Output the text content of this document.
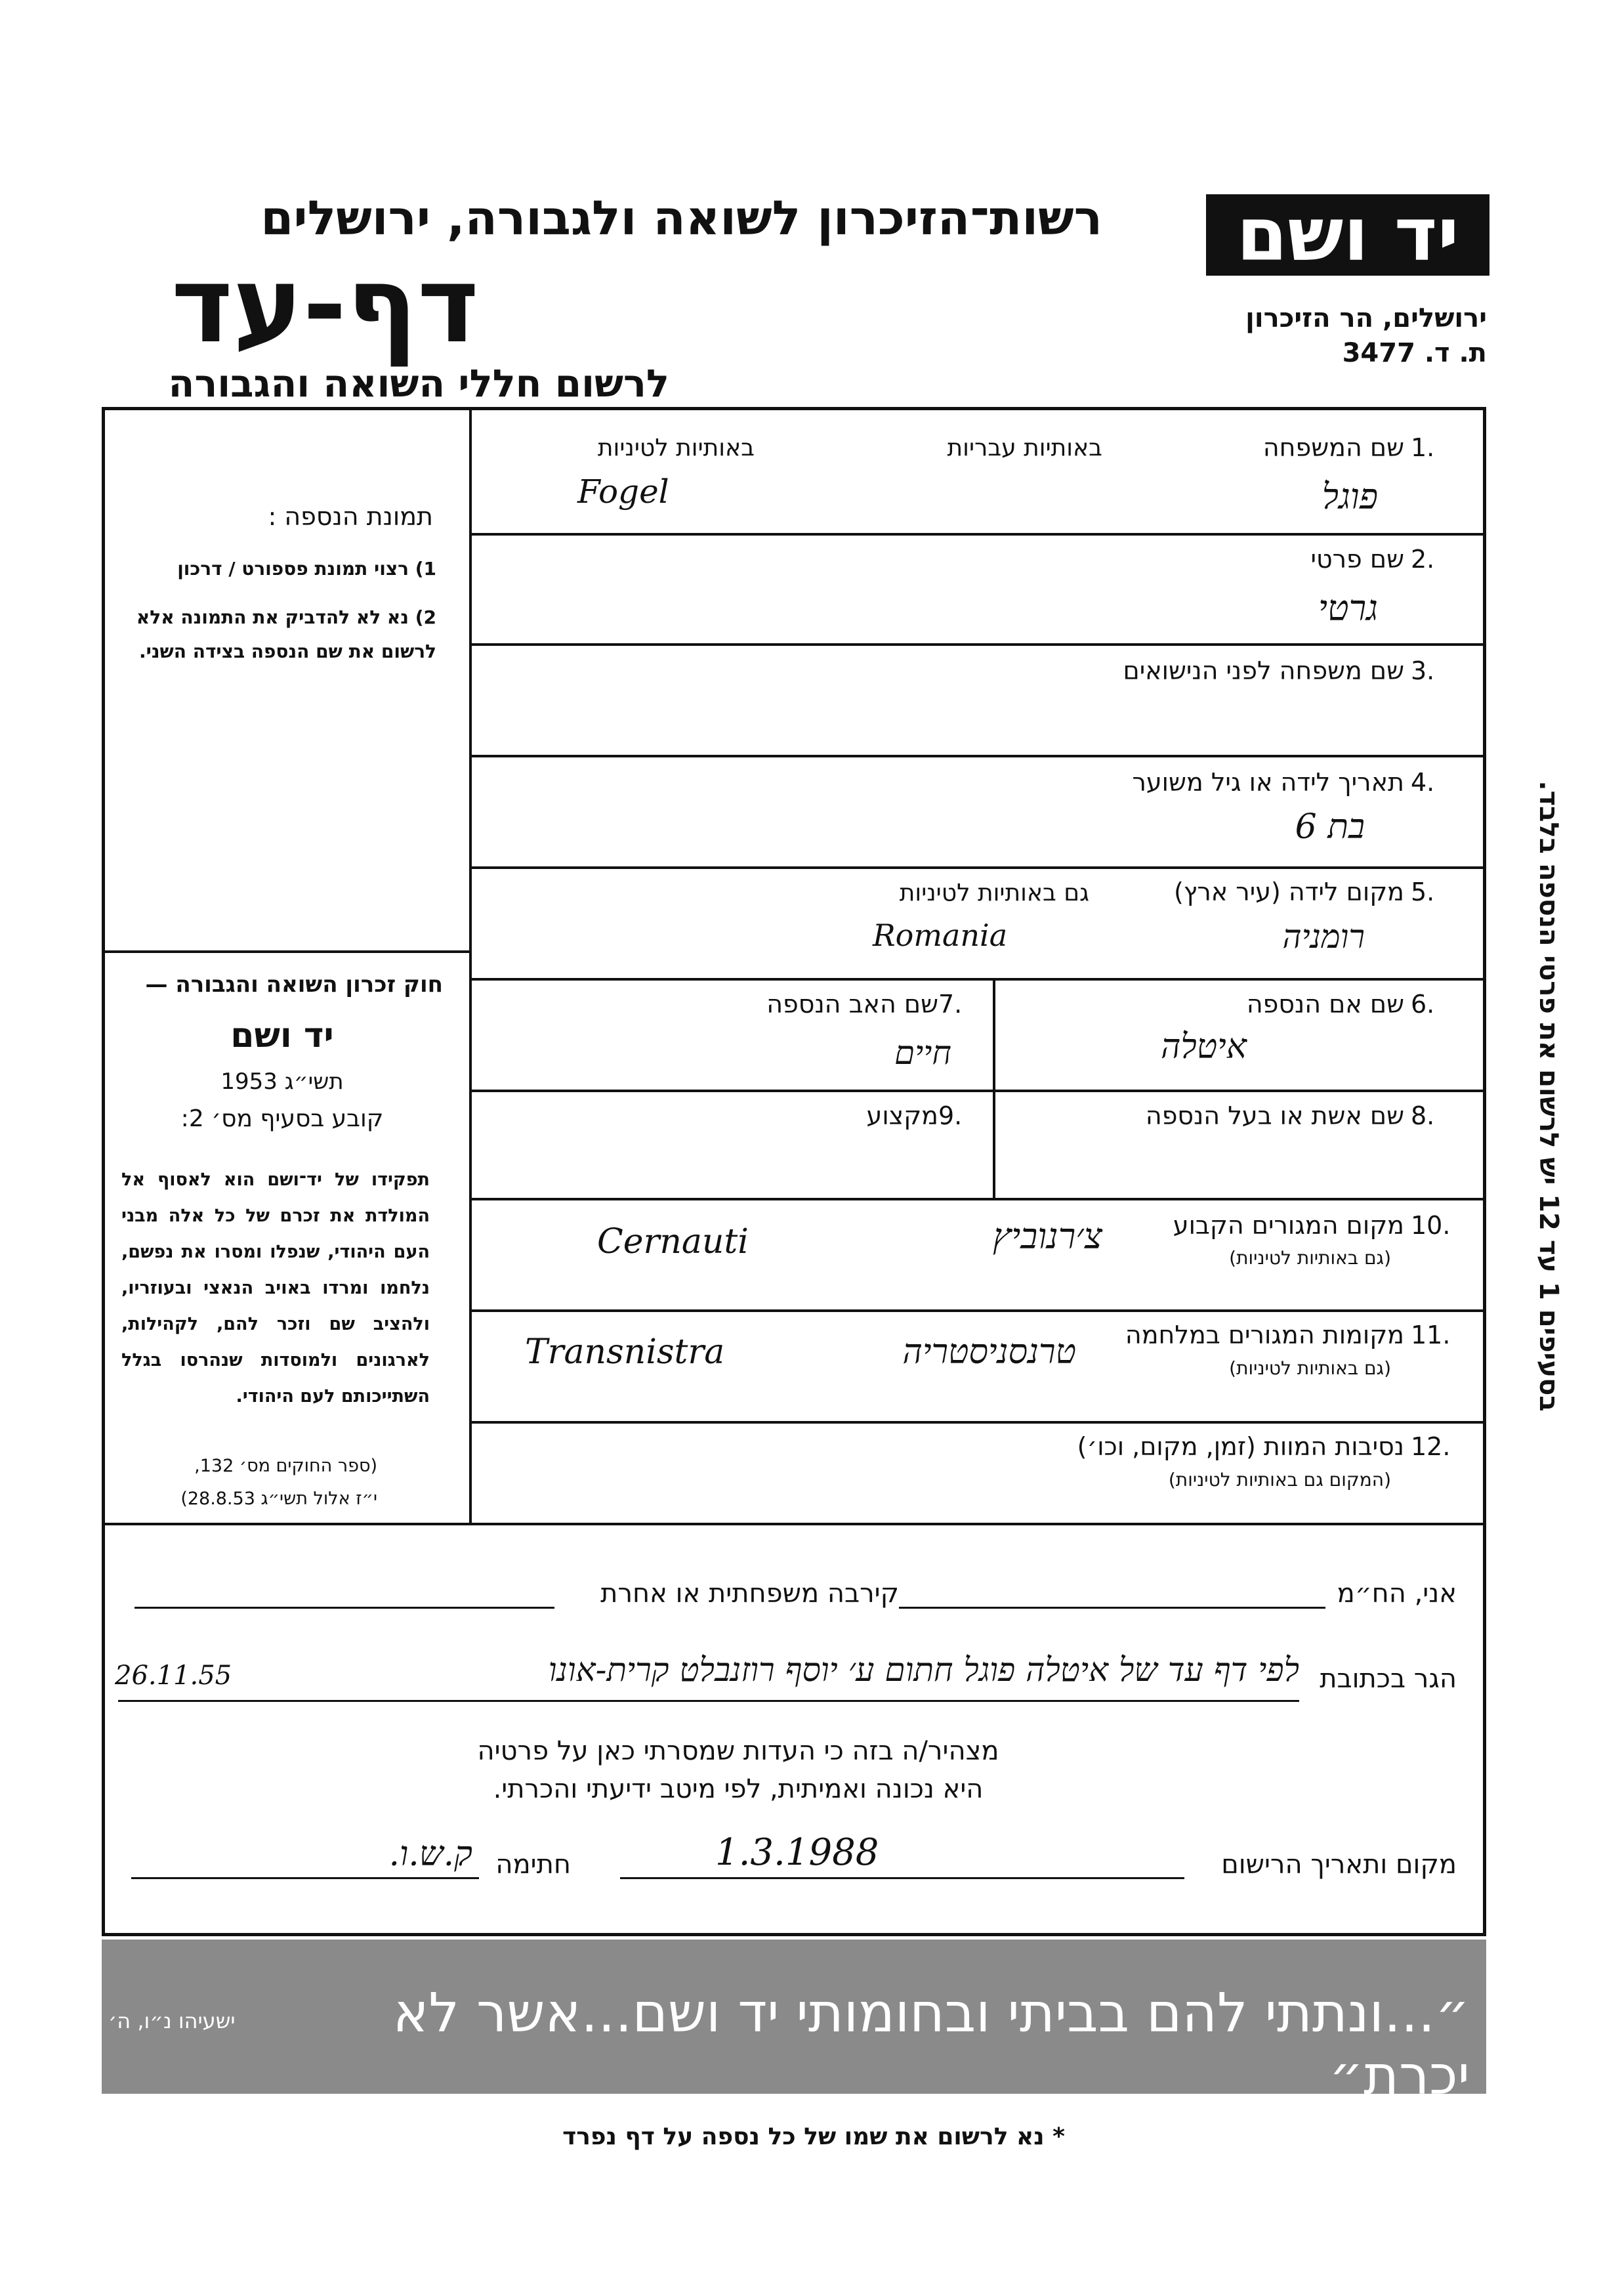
יד ושם
רשות־הזיכרון לשואה ולגבורה, ירושלים
דף-עד
לרשום חללי השואה והגבורה
ירושלים, הר הזיכרון
ת. ד. 3477
תמונת הנספה :
1) רצוי תמונת פספורט / דרכון
2) נא לא להדביק את התמונה אלא לרשום את שם הנספה בצידה השני.
חוק זכרון השואה והגבורה —
יד ושם
תשי״ג 1953
קובע בסעיף מס׳ 2:
תפקידו של יד־ושם הוא לאסוף אל המולדת את זכרם של כל אלה מבני העם היהודי, שנפלו ומסרו את נפשם, נלחמו ומרדו באויב הנאצי ובעוזריו, ולהציב שם וזכר להם, לקהילות, לארגונים ולמוסדות שנהרסו בגלל השתייכותם לעם היהודי.
(ספר החוקים מס׳ 132,
י״ז אלול תשי״ג 28.8.53)
1.
שם המשפחה
באותיות עבריות
באותיות לטיניות
פוגל
Fogel
2.
שם פרטי
גרטי
3.
שם משפחה לפני הנישואים
4.
תאריך לידה או גיל משוער
בת 6
5.
מקום לידה (עיר ארץ)
גם באותיות לטיניות
רומניה
Romania
6.
שם אם הנספה
איטלה
7.
שם האב הנספה
חיים
8.
שם אשת או בעל הנספה
9.
מקצוע
10.
מקום המגורים הקבוע
(גם באותיות לטיניות)
צ׳רנוביץ
Cernauti
11.
מקומות המגורים במלחמה
(גם באותיות לטיניות)
טרנסניסטריה
Transnistra
12.
נסיבות המוות (זמן, מקום, וכו׳)
(המקום גם באותיות לטיניות)
בסעיפים 1 עד 12 יש לרשום את פרטי הנספה בלבד.
אני, הח״מ
קירבה משפחתית או אחרת
הגר בכתובת
לפי דף עד של איטלה פוגל חתום ע׳ יוסף רוזנבלט קרית-אונו
26.11.55
מצהיר/ה בזה כי העדות שמסרתי כאן על פרטיה
היא נכונה ואמיתית, לפי מיטב ידיעתי והכרתי.
מקום ותאריך הרישום
1.3.1988
חתימה
ק.ש.ו.
״...ונתתי להם בביתי ובחומותי יד ושם...אשר לא יכרת״
ישעיהו נ״ו, ה׳
* נא לרשום את שמו של כל נספה על דף נפרד
